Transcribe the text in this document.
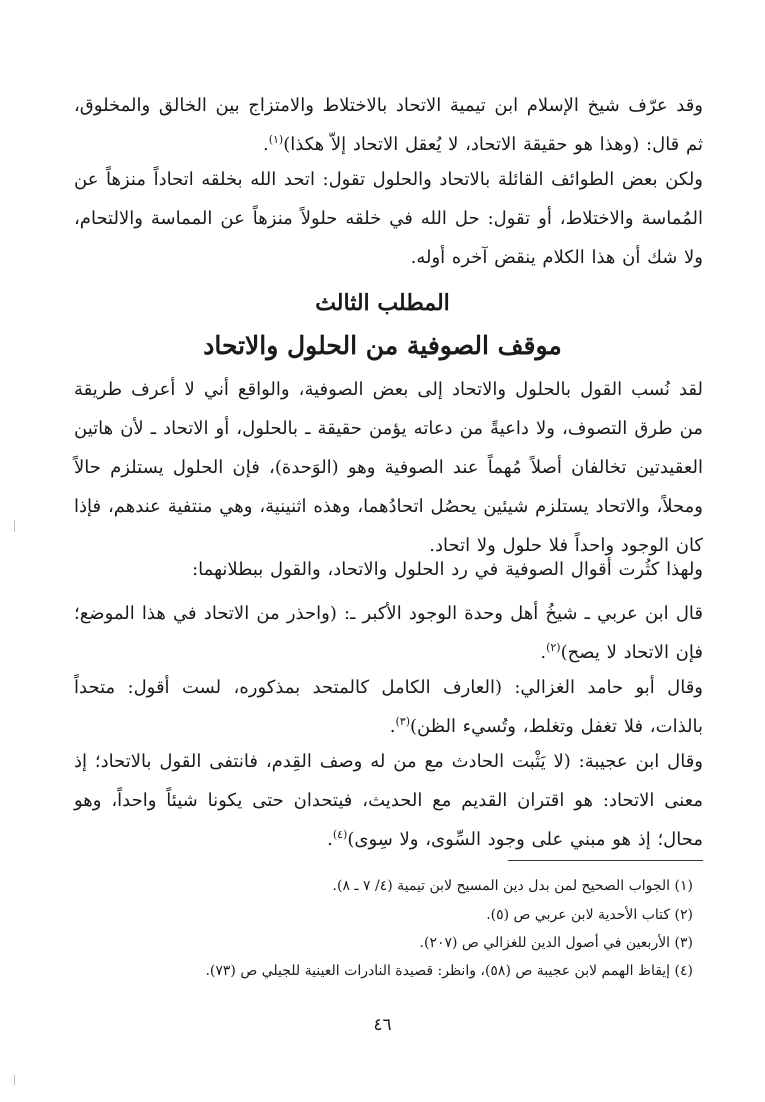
وقد عرّف شيخ الإسلام ابن تيمية الاتحاد بالاختلاط والامتزاج بين الخالق والمخلوق، ثم قال: (وهذا هو حقيقة الاتحاد، لا يُعقل الاتحاد إلاّ هكذا)$^{(١)}$.

ولكن بعض الطوائف القائلة بالاتحاد والحلول تقول: اتحد الله بخلقه اتحاداً منزهاً عن المُماسة والاختلاط، أو تقول: حل الله في خلقه حلولاً منزهاً عن المماسة والالتحام، ولا شك أن هذا الكلام ينقض آخره أوله.

المطلب الثالث
موقف الصوفية من الحلول والاتحاد

لقد نُسب القول بالحلول والاتحاد إلى بعض الصوفية، والواقع أني لا أعرف طريقة من طرق التصوف، ولا داعيةً من دعاته يؤمن حقيقة ـ بالحلول، أو الاتحاد ـ لأن هاتين العقيدتين تخالفان أصلاً مُهماً عند الصوفية وهو (الوَحدة)، فإن الحلول يستلزم حالاً ومحلاً، والاتحاد يستلزم شيئين يحصُل اتحادُهما، وهذه اثنينية، وهي منتفية عندهم، فإذا كان الوجود واحداً فلا حلول ولا اتحاد.

ولهذا كثُرت أقوال الصوفية في رد الحلول والاتحاد، والقول ببطلانهما:

قال ابن عربي ـ شيخُ أهل وحدة الوجود الأكبر ـ: (واحذر من الاتحاد في هذا الموضع؛ فإن الاتحاد لا يصح)$^{(٢)}$.

وقال أبو حامد الغزالي: (العارف الكامل كالمتحد بمذكوره، لست أقول: متحداً بالذات، فلا تغفل وتغلط، وتُسيء الظن)$^{(٣)}$.

وقال ابن عجيبة: (لا يَثْبت الحادث مع من له وصف القِدم، فانتفى القول بالاتحاد؛ إذ معنى الاتحاد: هو اقتران القديم مع الحديث، فيتحدان حتى يكونا شيئاً واحداً، وهو محال؛ إذ هو مبني على وجود السِّوى، ولا سِوى)$^{(٤)}$.

(١) الجواب الصحيح لمن بدل دين المسيح لابن تيمية (٤/ ٧ ـ ٨).

(٢) كتاب الأحدية لابن عربي ص (٥).

(٣) الأربعين في أصول الدين للغزالي ص (٢٠٧).

(٤) إيقاظ الهمم لابن عجيبة ص (٥٨)، وانظر: قصيدة النادرات العينية للجيلي ص (٧٣).

٤٦
